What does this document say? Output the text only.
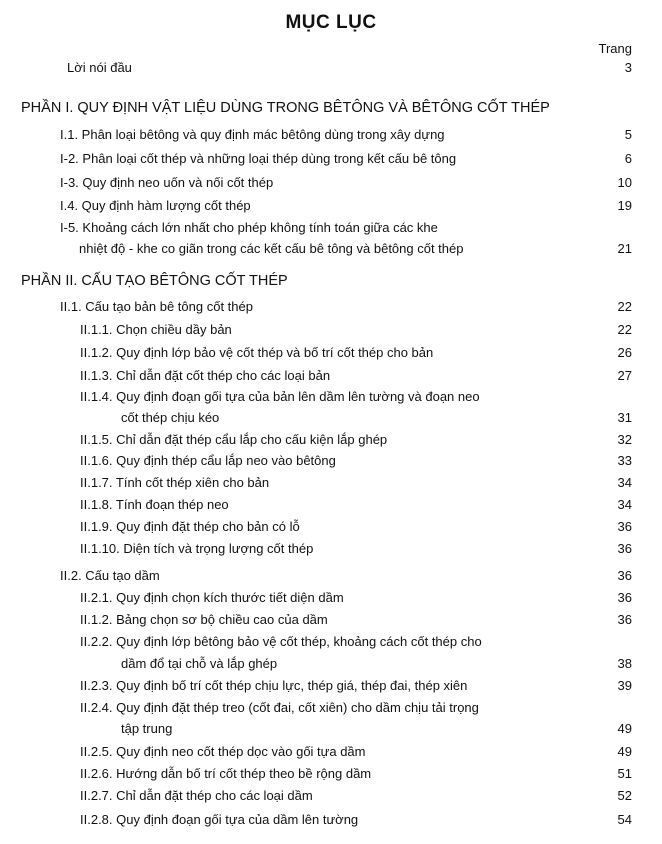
MỤC LỤC
Trang
Lời nói đầu	3
PHẦN I. QUY ĐỊNH VẬT LIỆU DÙNG TRONG BÊTÔNG VÀ BÊTÔNG CỐT THÉP
I.1. Phân loại bêtông và quy định mác bêtông dùng trong xây dựng	5
I-2. Phân loại cốt thép và những loại thép dùng trong kết cấu bê tông	6
I-3. Quy định neo uốn và nối cốt thép	10
I.4. Quy định hàm lượng cốt thép	19
I-5. Khoảng cách lớn nhất cho phép không tính toán giữa các khe
nhiệt độ - khe co giãn trong các kết cấu bê tông và bêtông cốt thép	21
PHẦN II. CẤU TẠO BÊTÔNG CỐT THÉP
II.1. Cấu tạo bản bê tông cốt thép	22
II.1.1. Chọn chiều dầy bản	22
II.1.2. Quy định lớp bảo vệ cốt thép và bố trí cốt thép cho bản	26
II.1.3. Chỉ dẫn đặt cốt thép cho các loại bản	27
II.1.4. Quy định đoạn gối tựa của bản lên dầm lên tường và đoạn neo
cốt thép chịu kéo	31
II.1.5. Chỉ dẫn đặt thép cẩu lắp cho cấu kiện lắp ghép	32
II.1.6. Quy định thép cẩu lắp neo vào bêtông	33
II.1.7. Tính cốt thép xiên cho bản	34
II.1.8. Tính đoạn thép neo	34
II.1.9. Quy định đặt thép cho bản có lỗ	36
II.1.10. Diện tích và trọng lượng cốt thép	36
II.2. Cấu tạo dầm	36
II.2.1. Quy định chọn kích thước tiết diện dầm	36
II.1.2. Bảng chọn sơ bộ chiều cao của dầm	36
II.2.2. Quy định lớp bêtông bảo vệ cốt thép, khoảng cách cốt thép cho
dầm đổ tại chỗ và lắp ghép	38
II.2.3. Quy định bố trí cốt thép chịu lực, thép giá, thép đai, thép xiên	39
II.2.4. Quy định đặt thép treo (cốt đai, cốt xiên) cho dầm chịu tải trọng
tập trung	49
II.2.5. Quy định neo cốt thép dọc vào gối tựa dầm	49
II.2.6. Hướng dẫn bố trí cốt thép theo bề rộng dầm	51
II.2.7. Chỉ dẫn đặt thép cho các loại dầm	52
II.2.8. Quy định đoạn gối tựa của dầm lên tường	54
